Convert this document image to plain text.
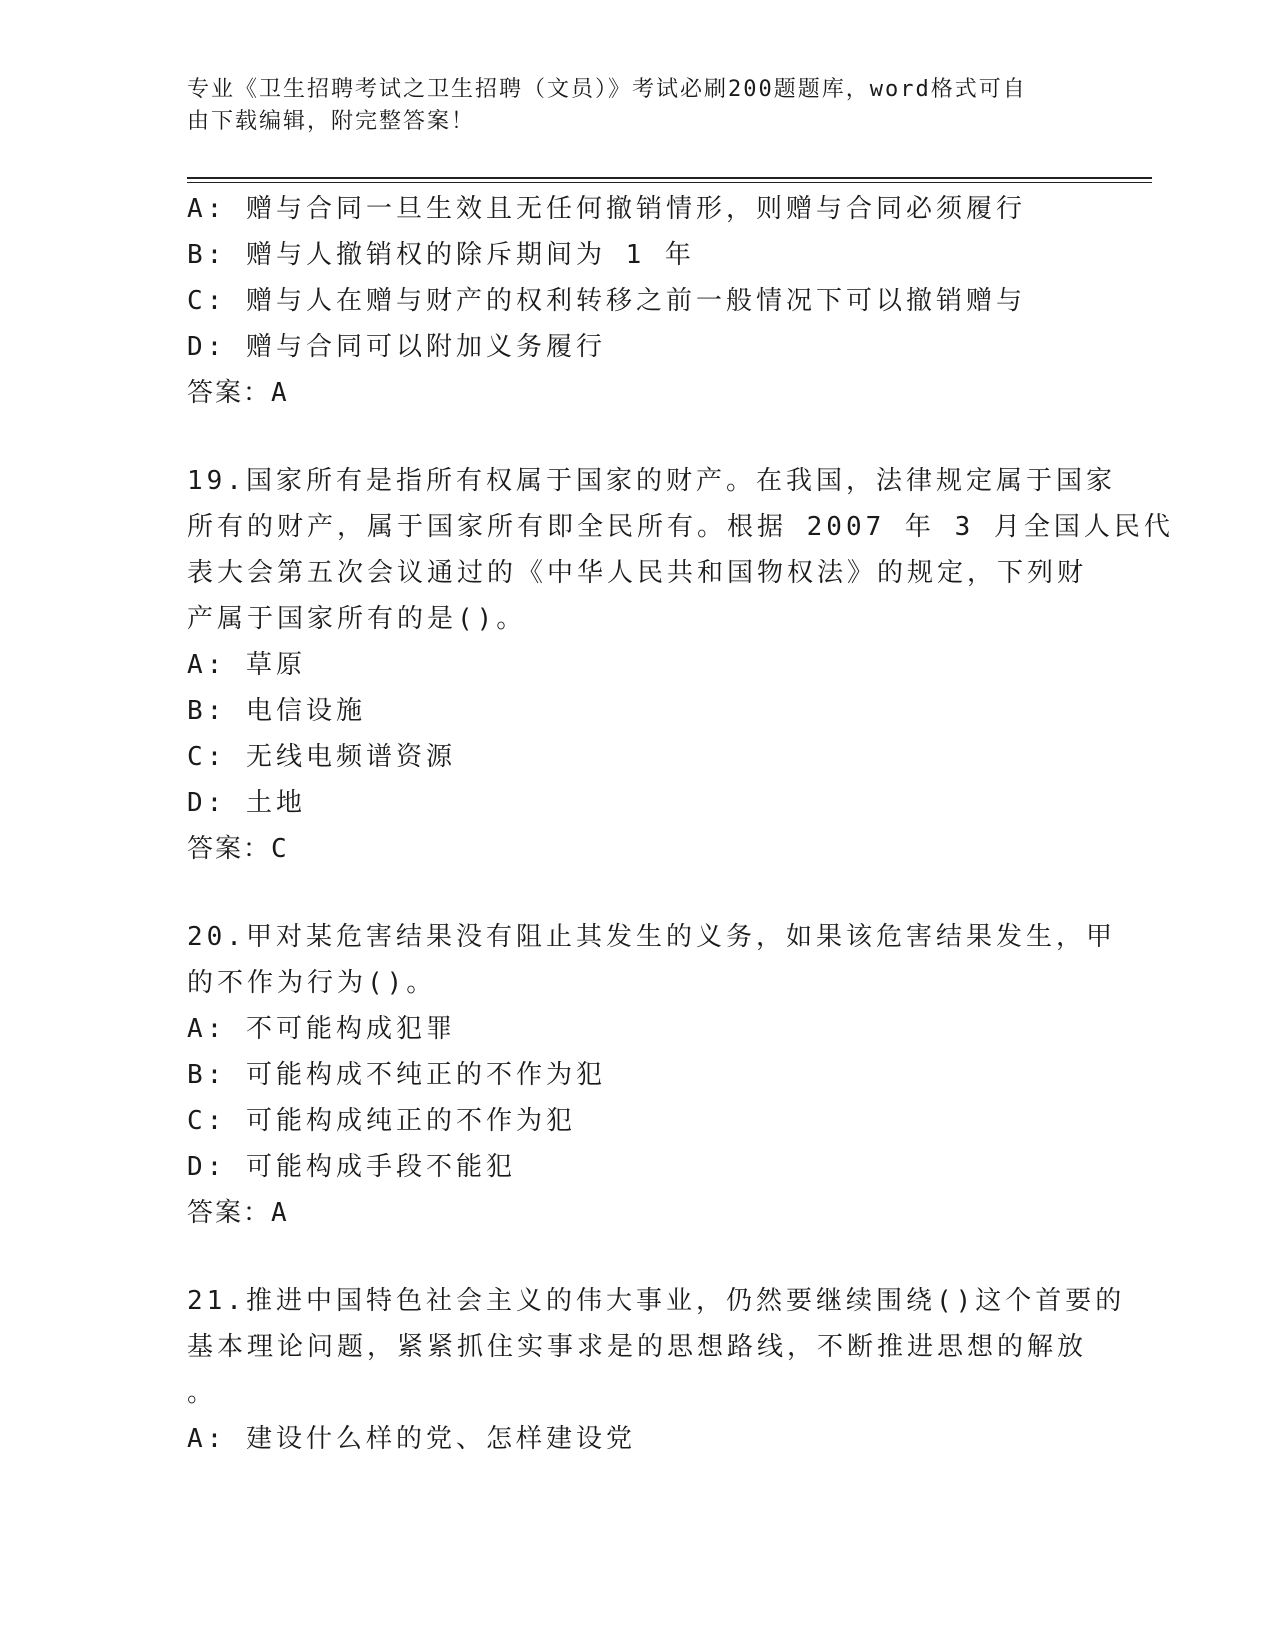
专业《卫生招聘考试之卫生招聘（文员）》考试必刷200题题库，word格式可自
由下载编辑，附完整答案！
A: 赠与合同一旦生效且无任何撤销情形，则赠与合同必须履行
B: 赠与人撤销权的除斥期间为 1 年
C: 赠与人在赠与财产的权利转移之前一般情况下可以撤销赠与
D: 赠与合同可以附加义务履行
答案：A
19.国家所有是指所有权属于国家的财产。在我国，法律规定属于国家
所有的财产，属于国家所有即全民所有。根据 2007 年 3 月全国人民代
表大会第五次会议通过的《中华人民共和国物权法》的规定，下列财
产属于国家所有的是()。
A: 草原
B: 电信设施
C: 无线电频谱资源
D: 土地
答案：C
20.甲对某危害结果没有阻止其发生的义务，如果该危害结果发生，甲
的不作为行为()。
A: 不可能构成犯罪
B: 可能构成不纯正的不作为犯
C: 可能构成纯正的不作为犯
D: 可能构成手段不能犯
答案：A
21.推进中国特色社会主义的伟大事业，仍然要继续围绕()这个首要的
基本理论问题，紧紧抓住实事求是的思想路线，不断推进思想的解放
。
A: 建设什么样的党、怎样建设党
